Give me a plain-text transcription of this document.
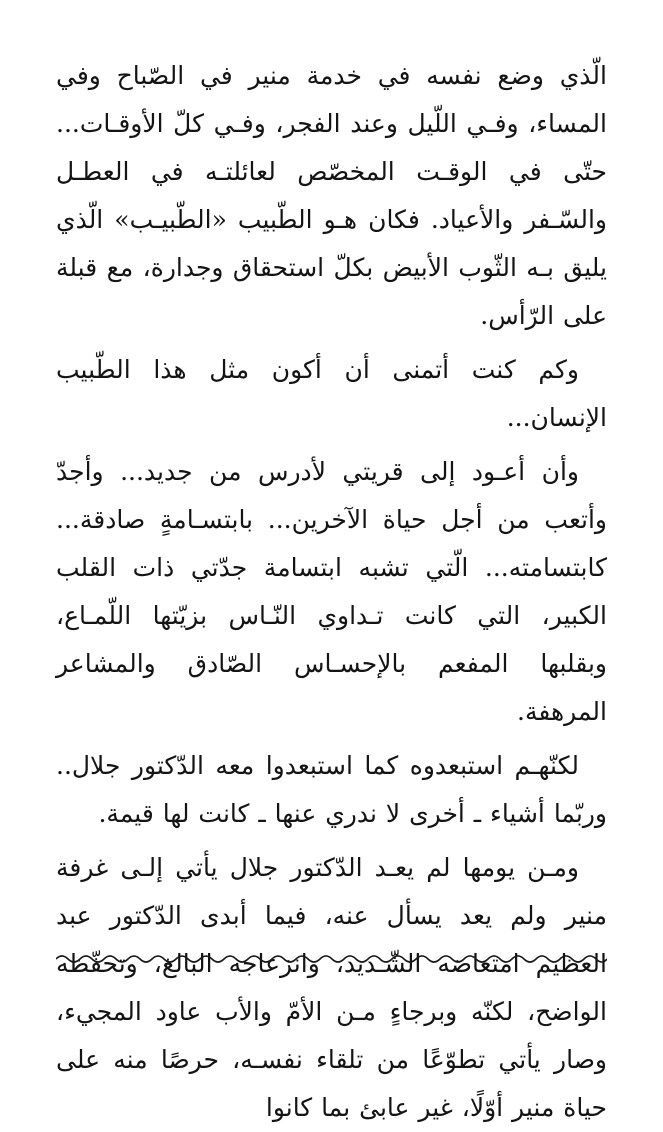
الّذي وضع نفسه في خدمة منير في الصّباح وفي المساء، وفـي اللّيل وعند الفجر، وفـي كلّ الأوقـات... حتّى في الوقـت المخصّص لعائلتـه في العطـل والسّـفر والأعياد. فكان هـو الطّبيب «الطّبيـب» الّذي يليق بـه الثّوب الأبيض بكلّ استحقاق وجدارة، مع قبلة على الرّأس.

وكم كنت أتمنى أن أكون مثل هذا الطّبيب الإنسان...

وأن أعـود إلى قريتي لأدرس من جديد... وأجدّ وأتعب من أجل حياة الآخرين... بابتسـامةٍ صادقة... كابتسامته... الّتي تشبه ابتسامة جدّتي ذات القلب الكبير، التي كانت تـداوي النّـاس بزيّتها اللّمـاع، وبقلبها المفعم بالإحسـاس الصّادق والمشاعر المرهفة.

لكنّهـم استبعدوه كما استبعدوا معه الدّكتور جلال.. وربّما أشياء ـ أخرى لا ندري عنها ـ كانت لها قيمة.

ومـن يومها لم يعـد الدّكتور جلال يأتي إلـى غرفة منير ولم يعد يسأل عنه، فيما أبدى الدّكتور عبد العظيم امتعاضه الشّـديد، وانزعاجه البالغ، وتحفّظه الواضح، لكنّه وبرجاءٍ مـن الأمّ والأب عاود المجيء، وصار يأتي تطوّعًا من تلقاء نفسـه، حرصًا منه على حياة منير أوّلًا، غير عابئ بما كانوا
